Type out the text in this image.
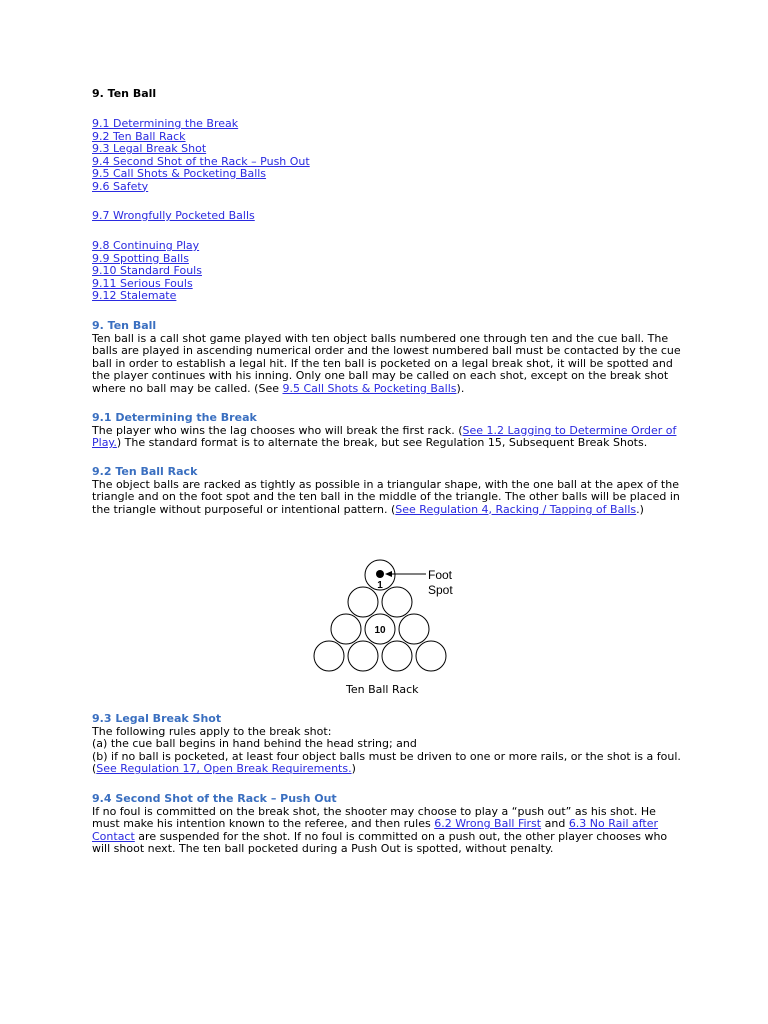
9. Ten Ball
9.1 Determining the Break
9.2 Ten Ball Rack
9.3 Legal Break Shot
9.4 Second Shot of the Rack – Push Out
9.5 Call Shots & Pocketing Balls
9.6 Safety
9.7 Wrongfully Pocketed Balls
9.8 Continuing Play
9.9 Spotting Balls
9.10 Standard Fouls
9.11 Serious Fouls
9.12 Stalemate
9. Ten Ball

Ten ball is a call shot game played with ten object balls numbered one through ten and the cue ball. The balls are played in ascending numerical order and the lowest numbered ball must be contacted by the cue ball in order to establish a legal hit. If the ten ball is pocketed on a legal break shot, it will be spotted and the player continues with his inning. Only one ball may be called on each shot, except on the break shot where no ball may be called. (See 9.5 Call Shots & Pocketing Balls).

9.1 Determining the Break

The player who wins the lag chooses who will break the first rack. (See 1.2 Lagging to Determine Order of Play.) The standard format is to alternate the break, but see Regulation 15, Subsequent Break Shots.

9.2 Ten Ball Rack

The object balls are racked as tightly as possible in a triangular shape, with the one ball at the apex of the triangle and on the foot spot and the ten ball in the middle of the triangle. The other balls will be placed in the triangle without purposeful or intentional pattern. (See Regulation 4, Racking / Tapping of Balls.)

1
10
Foot
Spot
Ten Ball Rack
9.3 Legal Break Shot

The following rules apply to the break shot:

(a) the cue ball begins in hand behind the head string; and

(b) if no ball is pocketed, at least four object balls must be driven to one or more rails, or the shot is a foul. (See Regulation 17, Open Break Requirements.)

9.4 Second Shot of the Rack – Push Out

If no foul is committed on the break shot, the shooter may choose to play a “push out” as his shot. He must make his intention known to the referee, and then rules 6.2 Wrong Ball First and 6.3 No Rail after Contact are suspended for the shot. If no foul is committed on a push out, the other player chooses who will shoot next. The ten ball pocketed during a Push Out is spotted, without penalty.
